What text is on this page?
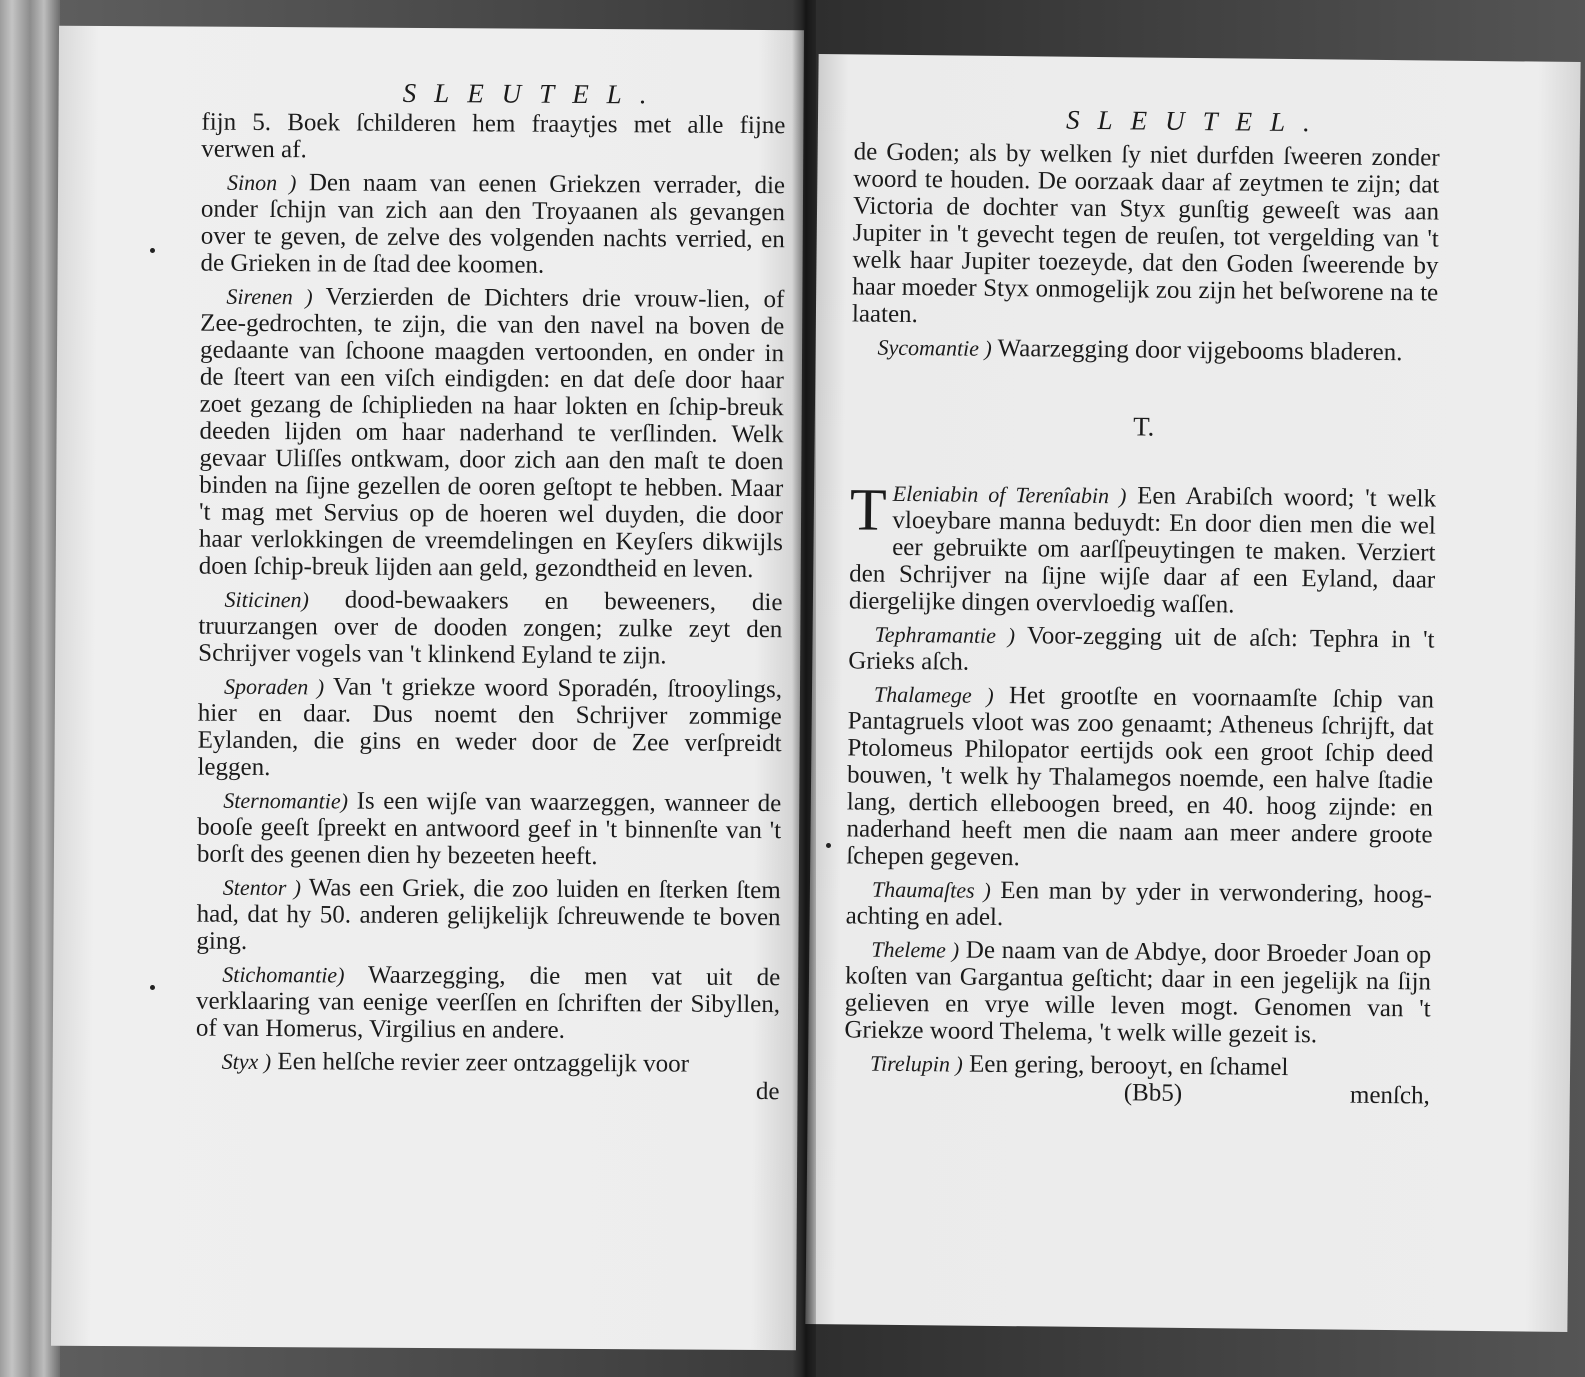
SLEUTEL.

fijn 5. Boek ſchilderen hem fraaytjes met alle fijne verwen af.

Sinon ) Den naam van eenen Griekzen verrader, die onder ſchijn van zich aan den Troyaanen als gevangen over te geven, de zelve des volgenden nachts verried, en de Grieken in de ſtad dee koomen.

Sirenen ) Verzierden de Dichters drie vrouw-lien, of Zee-gedrochten, te zijn, die van den navel na boven de gedaante van ſchoone maagden vertoonden, en onder in de ſteert van een viſch eindigden: en dat deſe door haar zoet gezang de ſchiplieden na haar lokten en ſchip-breuk deeden lijden om haar naderhand te verſlinden. Welk gevaar Uliſſes ontkwam, door zich aan den maſt te doen binden na ſijne gezellen de ooren geſtopt te hebben. Maar 't mag met Servius op de hoeren wel duyden, die door haar verlokkingen de vreemdelingen en Keyſers dikwijls doen ſchip-breuk lijden aan geld, gezondtheid en leven.

Siticinen) dood-bewaakers en beweeners, die truurzangen over de dooden zongen; zulke zeyt den Schrijver vogels van 't klinkend Eyland te zijn.

Sporaden ) Van 't griekze woord Sporadén, ſtrooylings, hier en daar. Dus noemt den Schrijver zommige Eylanden, die gins en weder door de Zee verſpreidt leggen.

Sternomantie) Is een wijſe van waarzeggen, wanneer de booſe geeſt ſpreekt en antwoord geef in 't binnenſte van 't borſt des geenen dien hy bezeeten heeft.

Stentor ) Was een Griek, die zoo luiden en ſterken ſtem had, dat hy 50. anderen gelijkelijk ſchreuwende te boven ging.

Stichomantie) Waarzegging, die men vat uit de verklaaring van eenige veerſſen en ſchriften der Sibyllen, of van Homerus, Virgilius en andere.

Styx ) Een helſche revier zeer ontzaggelijk voor

de
SLEUTEL.

de Goden; als by welken ſy niet durfden ſweeren zonder woord te houden. De oorzaak daar af zeytmen te zijn; dat Victoria de dochter van Styx gunſtig geweeſt was aan Jupiter in 't gevecht tegen de reuſen, tot vergelding van 't welk haar Jupiter toezeyde, dat den Goden ſweerende by haar moeder Styx onmogelijk zou zijn het beſworene na te laaten.

Sycomantie ) Waarzegging door vijgebooms bladeren.

T.

T Eleniabin of Terenîabin ) Een Arabiſch woord; 't welk vloeybare manna beduydt: En door dien men die wel eer gebruikte om aarſſpeuytingen te maken. Verziert den Schrijver na ſijne wijſe daar af een Eyland, daar diergelijke dingen overvloedig waſſen.

Tephramantie ) Voor-zegging uit de aſch: Tephra in 't Grieks aſch.

Thalamege ) Het grootſte en voornaamſte ſchip van Pantagruels vloot was zoo genaamt; Atheneus ſchrijft, dat Ptolomeus Philopator eertijds ook een groot ſchip deed bouwen, 't welk hy Thalamegos noemde, een halve ſtadie lang, dertich elleboogen breed, en 40. hoog zijnde: en naderhand heeft men die naam aan meer andere groote ſchepen gegeven.

Thaumaſtes ) Een man by yder in verwondering, hoog-achting en adel.

Theleme ) De naam van de Abdye, door Broeder Joan op koſten van Gargantua geſticht; daar in een jegelijk na ſijn gelieven en vrye wille leven mogt. Genomen van 't Griekze woord Thelema, 't welk wille gezeit is.

Tirelupin ) Een gering, berooyt, en ſchamel

(Bb5)	menſch,
